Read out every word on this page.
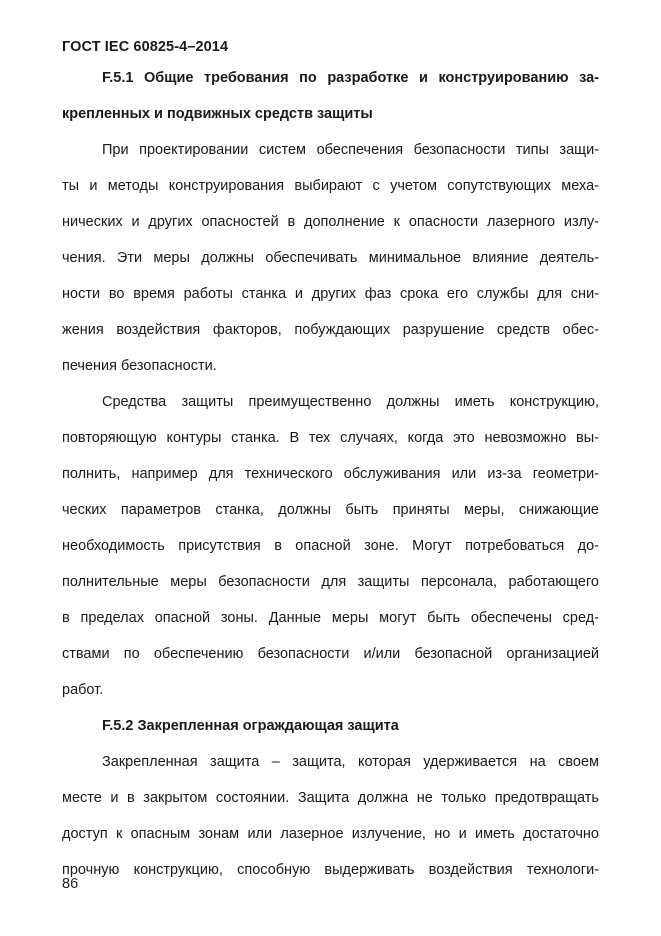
ГОСТ IEC 60825-4–2014
F.5.1 Общие требования по разработке и конструированию за-
крепленных и подвижных средств защиты
При проектировании систем обеспечения безопасности типы защи-
ты и методы конструирования выбирают с учетом сопутствующих меха-
нических и других опасностей в дополнение к опасности лазерного излу-
чения. Эти меры должны обеспечивать минимальное влияние деятель-
ности во время работы станка и других фаз срока его службы для сни-
жения воздействия факторов, побуждающих разрушение средств обес-
печения безопасности.
Средства защиты преимущественно должны иметь конструкцию,
повторяющую контуры станка. В тех случаях, когда это невозможно вы-
полнить, например для технического обслуживания или из-за геометри-
ческих параметров станка, должны быть приняты меры, снижающие
необходимость присутствия в опасной зоне. Могут потребоваться до-
полнительные меры безопасности для защиты персонала, работающего
в пределах опасной зоны. Данные меры могут быть обеспечены сред-
ствами по обеспечению безопасности и/или безопасной организацией
работ.
F.5.2 Закрепленная ограждающая защита
Закрепленная защита – защита, которая удерживается на своем
месте и в закрытом состоянии. Защита должна не только предотвращать
доступ к опасным зонам или лазерное излучение, но и иметь достаточно
прочную конструкцию, способную выдерживать воздействия технологи-
86
